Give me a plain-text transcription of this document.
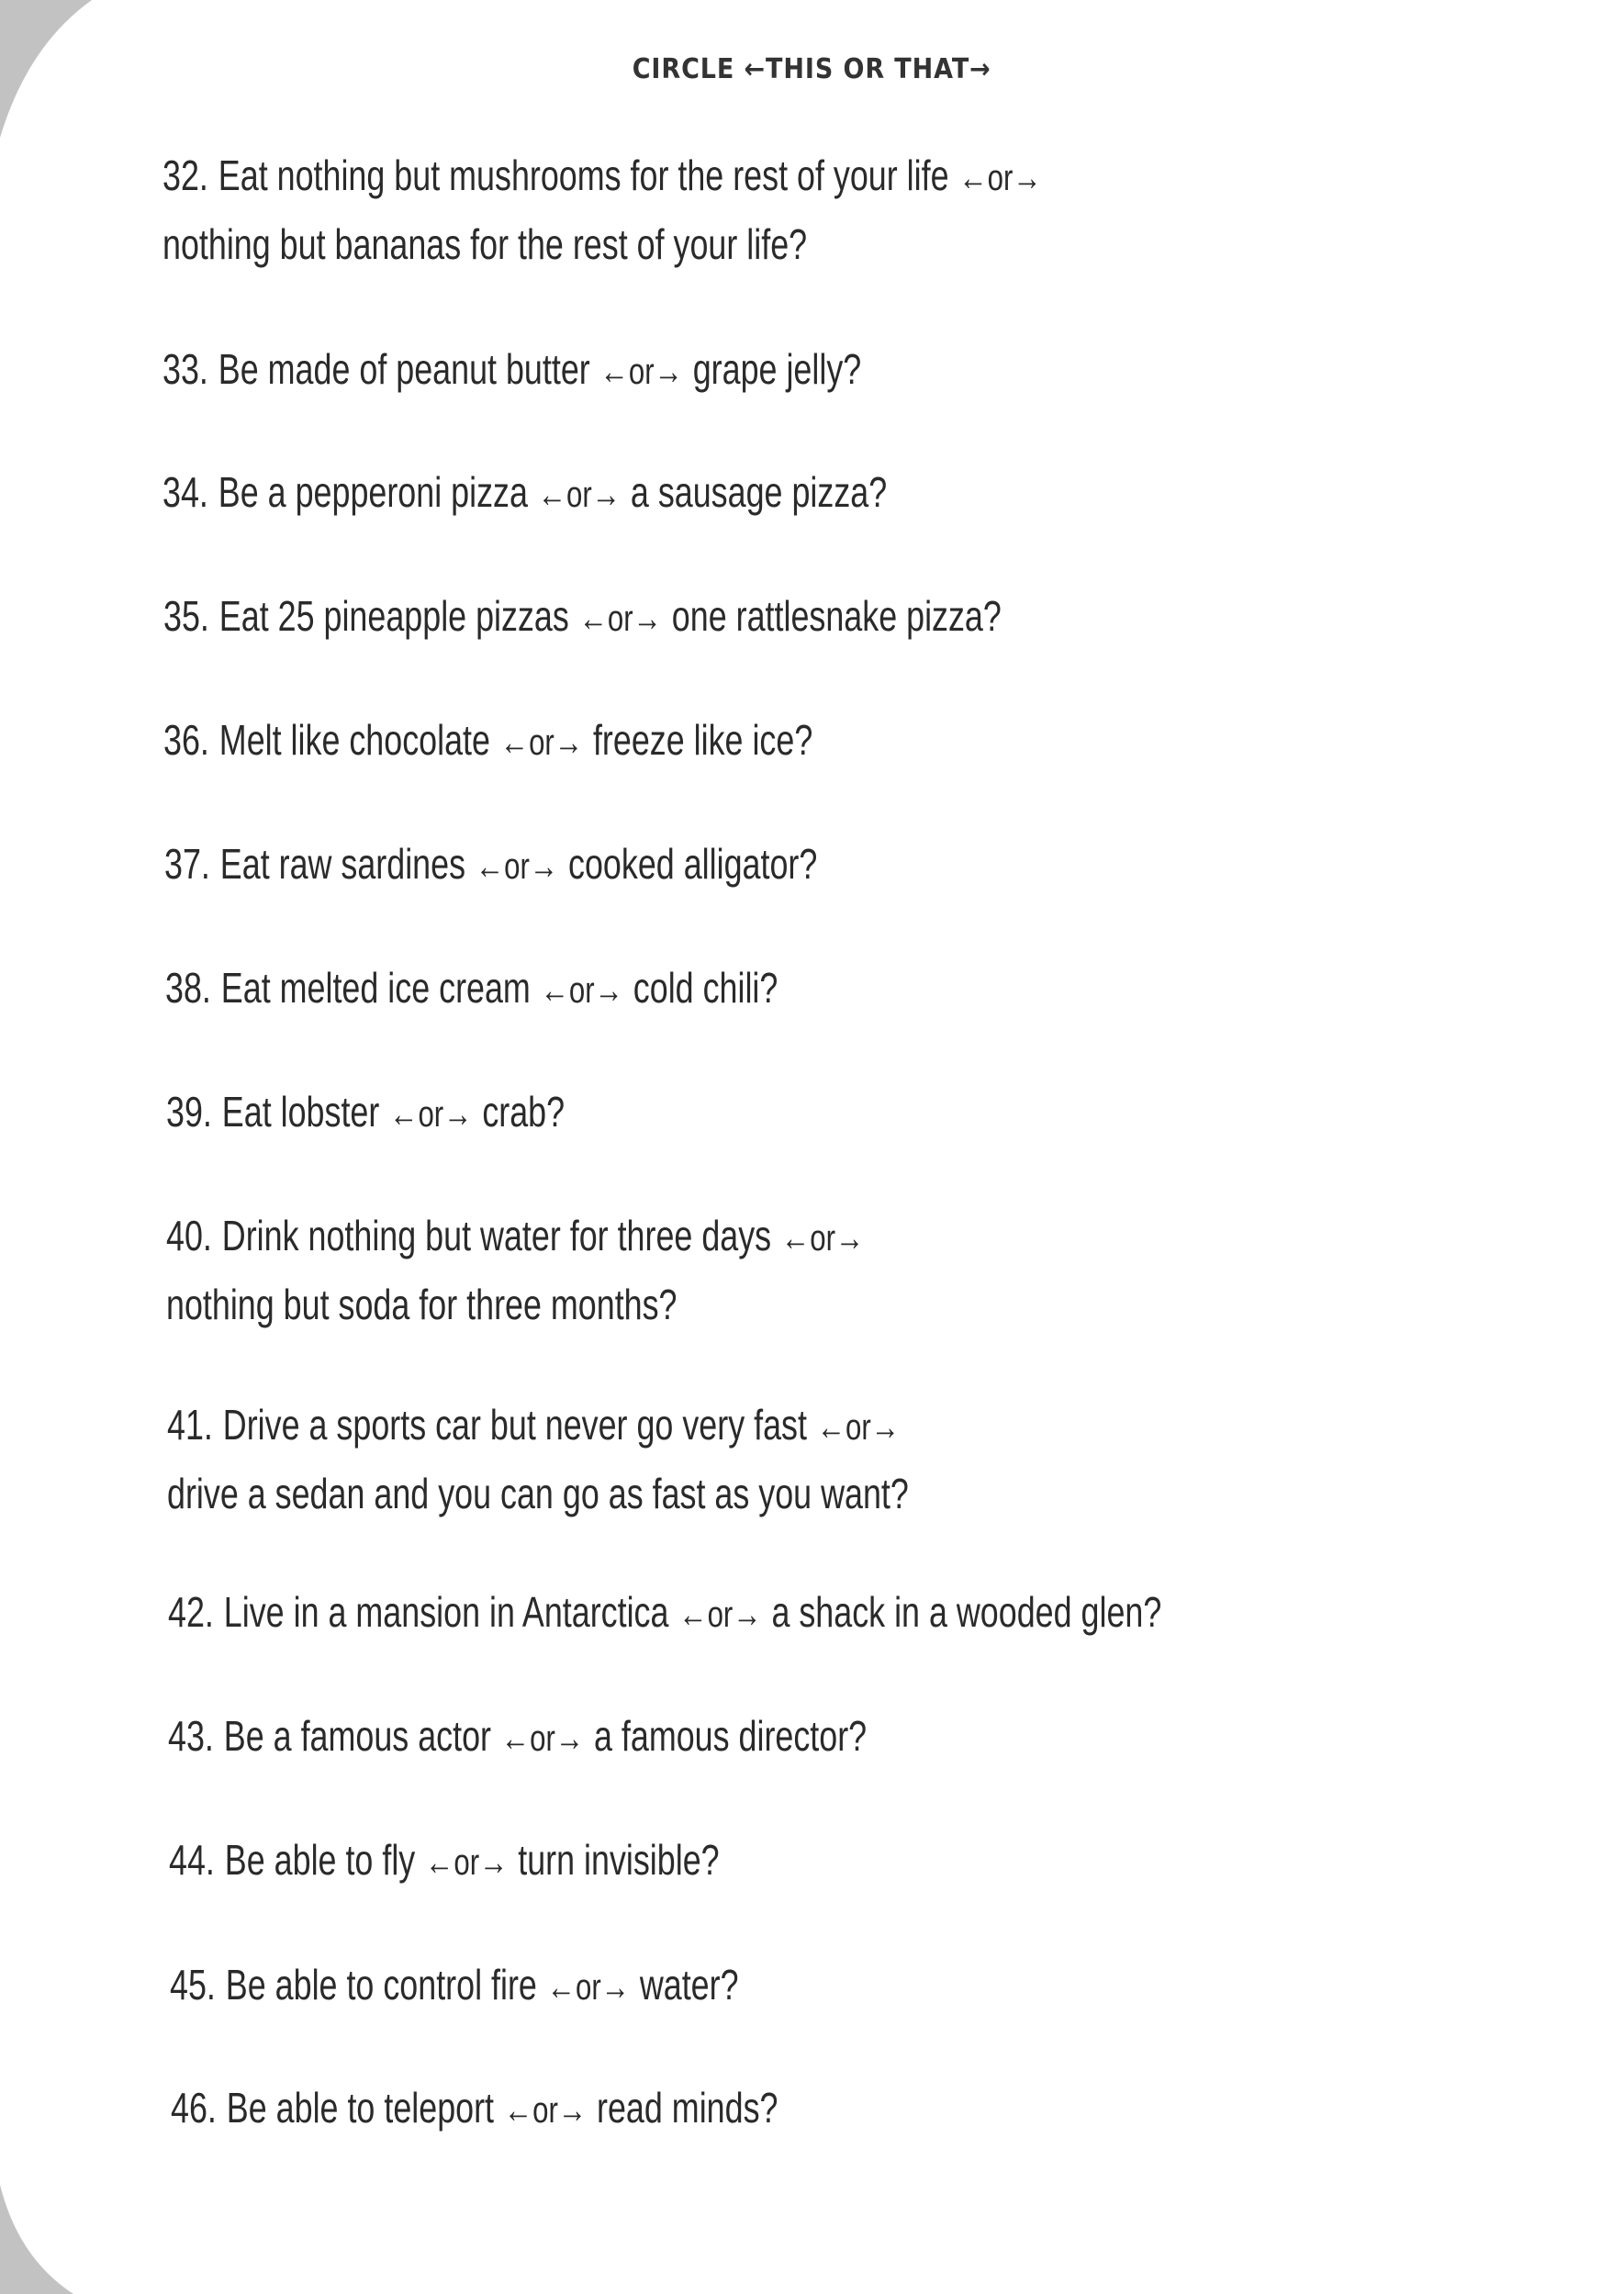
CIRCLE ←THIS OR THAT→
32. Eat nothing but mushrooms for the rest of your life ←or→
nothing but bananas for the rest of your life?
33. Be made of peanut butter ←or→ grape jelly?
34. Be a pepperoni pizza ←or→ a sausage pizza?
35. Eat 25 pineapple pizzas ←or→ one rattlesnake pizza?
36. Melt like chocolate ←or→ freeze like ice?
37. Eat raw sardines ←or→ cooked alligator?
38. Eat melted ice cream ←or→ cold chili?
39. Eat lobster ←or→ crab?
40. Drink nothing but water for three days ←or→
nothing but soda for three months?
41. Drive a sports car but never go very fast ←or→
drive a sedan and you can go as fast as you want?
42. Live in a mansion in Antarctica ←or→ a shack in a wooded glen?
43. Be a famous actor ←or→ a famous director?
44. Be able to fly ←or→ turn invisible?
45. Be able to control fire ←or→ water?
46. Be able to teleport ←or→ read minds?
